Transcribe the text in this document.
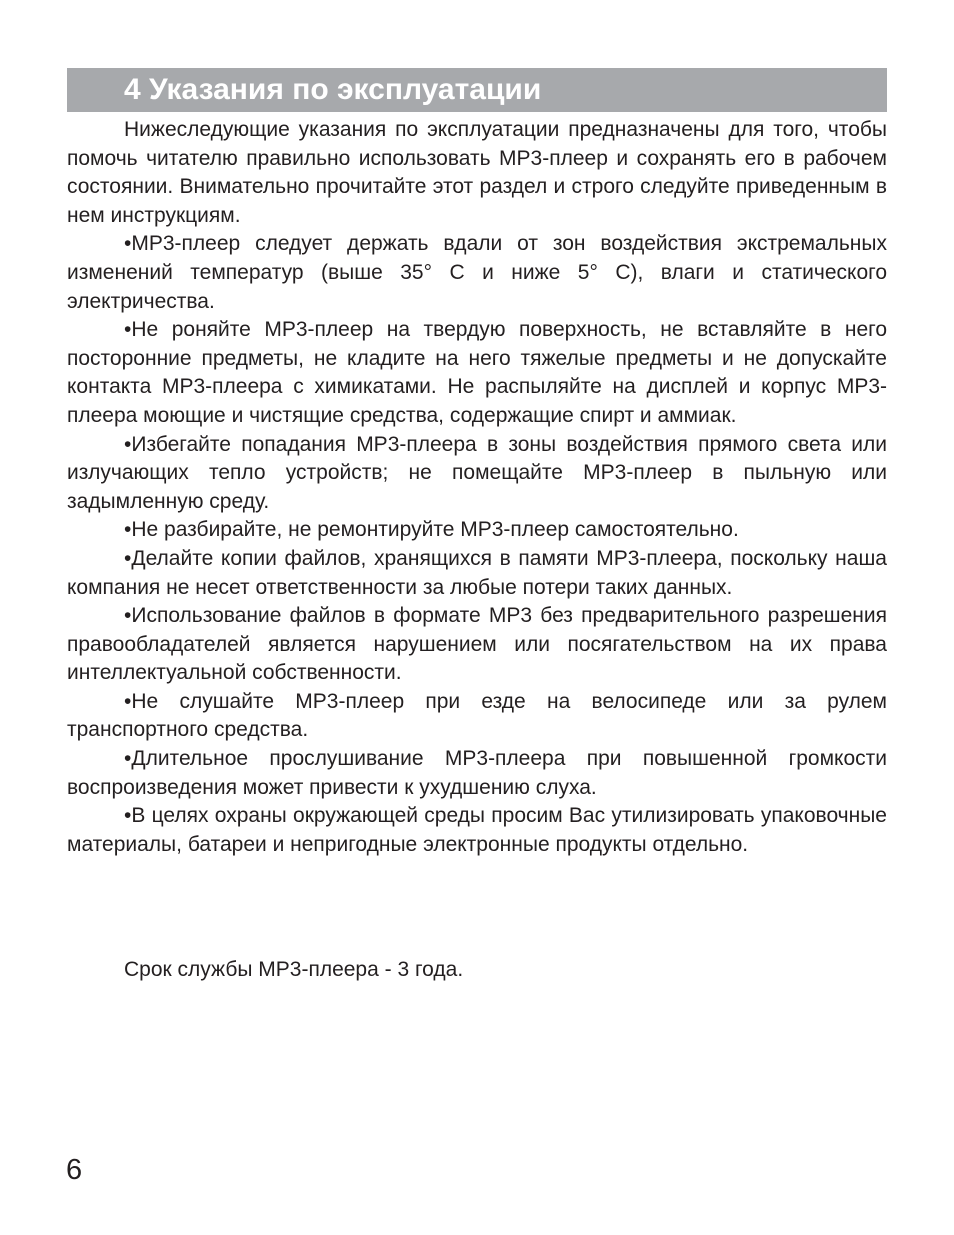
4 Указания по эксплуатации

Нижеследующие указания по эксплуатации предназначены для того, чтобы помочь читателю правильно использовать MP3-плеер и сохранять его в рабочем состоянии. Внимательно прочитайте этот раздел и строго следуйте приведенным в нем инструкциям.

•MP3-плеер следует держать вдали от зон воздействия экстремальных изменений температур (выше 35° C и ниже 5° C), влаги и статического электричества.

•Не роняйте MP3-плеер на твердую поверхность, не вставляйте в него посторонние предметы, не кладите на него тяжелые предметы и не допускайте контакта MP3-плеера с химикатами. Не распыляйте на дисплей и корпус MP3-плеера моющие и чистящие средства, содержащие спирт и аммиак.

•Избегайте попадания MP3-плеера в зоны воздействия прямого света или излучающих тепло устройств; не помещайте MP3-плеер в пыльную или задымленную среду.

•Не разбирайте, не ремонтируйте MP3-плеер самостоятельно.

•Делайте копии файлов, хранящихся в памяти MP3-плеера, поскольку наша компания не несет ответственности за любые потери таких данных.

•Использование файлов в формате MP3 без предварительного разрешения правообладателей является нарушением или посягательством на их права интеллектуальной собственности.

•Не слушайте MP3-плеер при езде на велосипеде или за рулем транспортного средства.

•Длительное прослушивание MP3-плеера при повышенной громкости воспроизведения может привести к ухудшению слуха.

•В целях охраны окружающей среды просим Вас утилизировать упаковочные материалы, батареи и непригодные электронные продукты отдельно.

Срок службы MP3-плеера - 3 года.

6
